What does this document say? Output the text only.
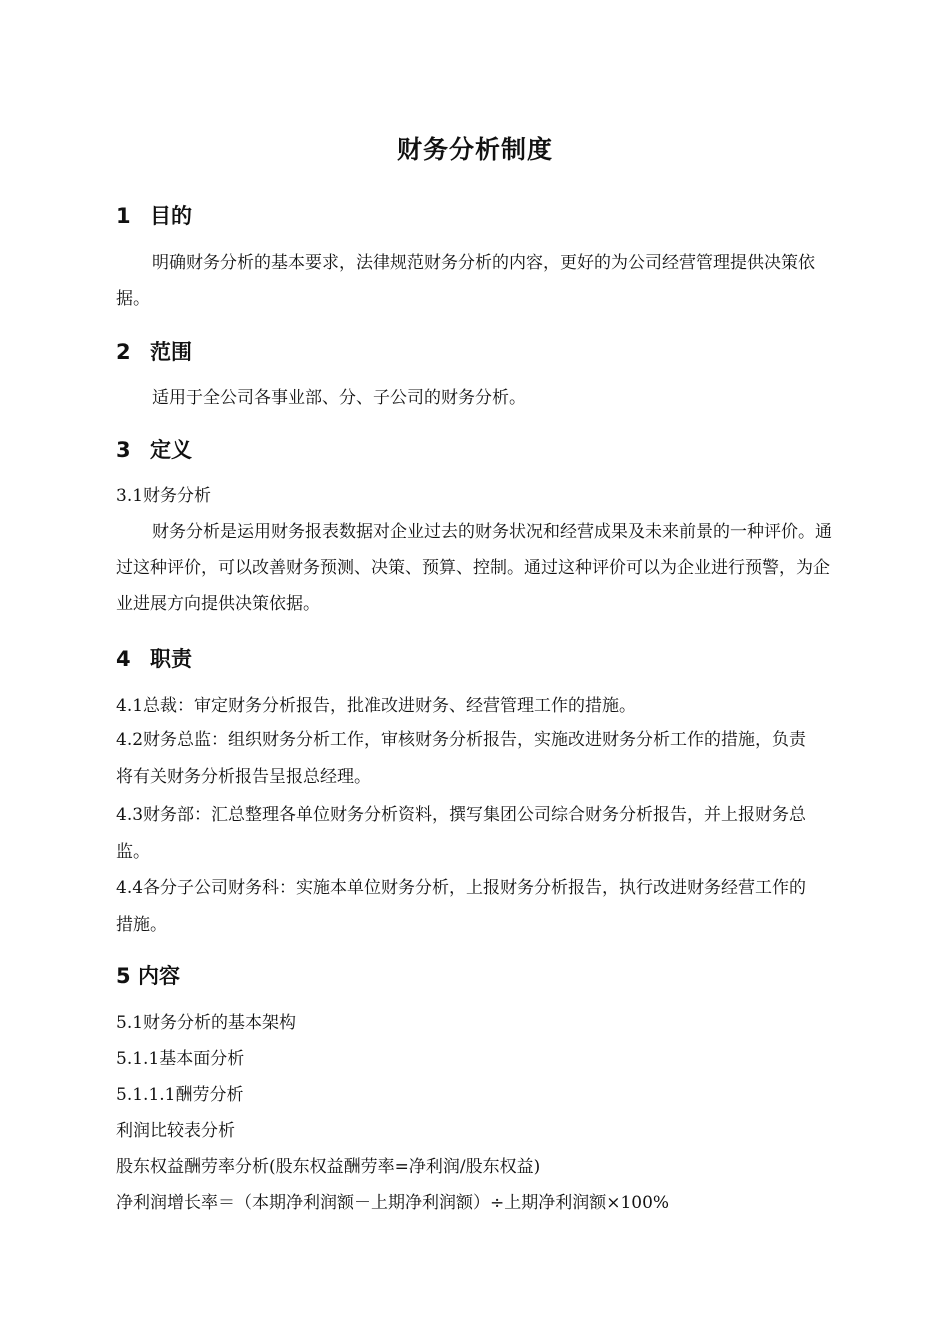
财务分析制度
1 目的
明确财务分析的基本要求，法律规范财务分析的内容，更好的为公司经营管理提供决策依据。
2 范围
适用于全公司各事业部、分、子公司的财务分析。
3 定义
3.1财务分析
财务分析是运用财务报表数据对企业过去的财务状况和经营成果及未来前景的一种评价。通过这种评价，可以改善财务预测、决策、预算、控制。通过这种评价可以为企业进行预警，为企业进展方向提供决策依据。
4 职责
4.1总裁：审定财务分析报告，批准改进财务、经营管理工作的措施。
4.2财务总监：组织财务分析工作，审核财务分析报告，实施改进财务分析工作的措施，负责将有关财务分析报告呈报总经理。
4.3财务部：汇总整理各单位财务分析资料，撰写集团公司综合财务分析报告，并上报财务总监。
4.4各分子公司财务科：实施本单位财务分析，上报财务分析报告，执行改进财务经营工作的措施。
5 内容
5.1财务分析的基本架构
5.1.1基本面分析
5.1.1.1酬劳分析
利润比较表分析
股东权益酬劳率分析(股东权益酬劳率=净利润/股东权益)
净利润增长率＝（本期净利润额－上期净利润额）÷上期净利润额×100%
